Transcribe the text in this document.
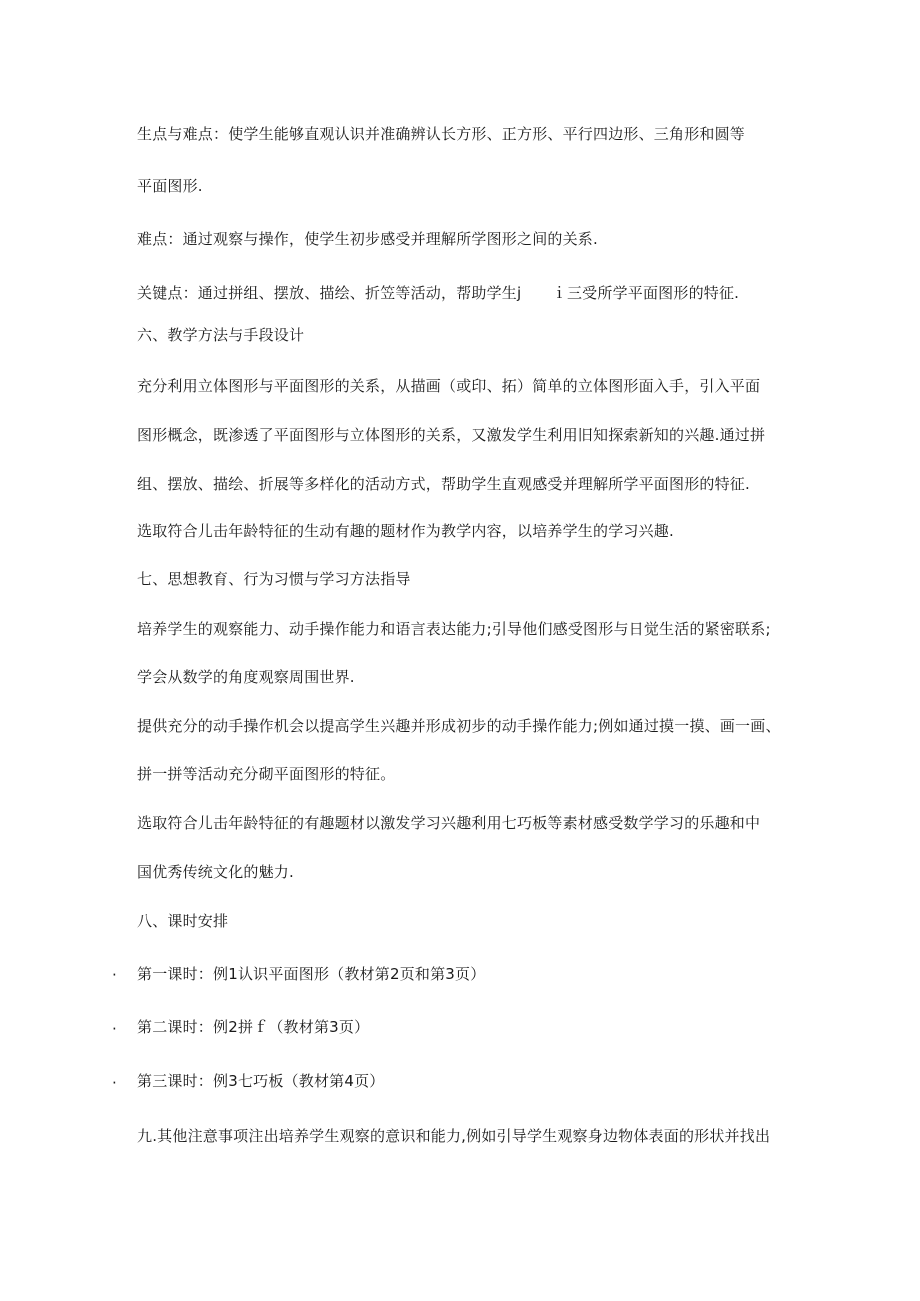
生点与难点：使学生能够直观认识并准确辨认长方形、正方形、平行四边形、三角形和圆等
平面图形.
难点：通过观察与操作，使学生初步感受并理解所学图形之间的关系.
关键点：通过拼组、摆放、描绘、折笠等活动，帮助学生j　　ｉ三受所学平面图形的特征.
六、教学方法与手段设计
充分利用立体图形与平面图形的关系，从描画（或印、拓）简单的立体图形面入手，引入平面
图形概念，既渗透了平面图形与立体图形的关系，又激发学生利用旧知探索新知的兴趣.通过拼
组、摆放、描绘、折展等多样化的活动方式，帮助学生直观感受并理解所学平面图形的特征.
选取符合儿击年龄特征的生动有趣的题材作为教学内容，以培养学生的学习兴趣.
七、思想教育、行为习惯与学习方法指导
培养学生的观察能力、动手操作能力和语言表达能力;引导他们感受图形与日觉生活的紧密联系;
学会从数学的角度观察周围世界.
提供充分的动手操作机会以提高学生兴趣并形成初步的动手操作能力;例如通过摸一摸、画一画、
拼一拼等活动充分砌平面图形的特征。
选取符合儿击年龄特征的有趣题材以激发学习兴趣利用七巧板等素材感受数学学习的乐趣和中
国优秀传统文化的魅力.
八、课时安排
· 第一课时：例1认识平面图形（教材第2页和第3页）
· 第二课时：例2拼ｆ（教材第3页）
· 第三课时：例3七巧板（教材第4页）
九.其他注意事项注出培养学生观察的意识和能力,例如引导学生观察身边物体表面的形状并找出
